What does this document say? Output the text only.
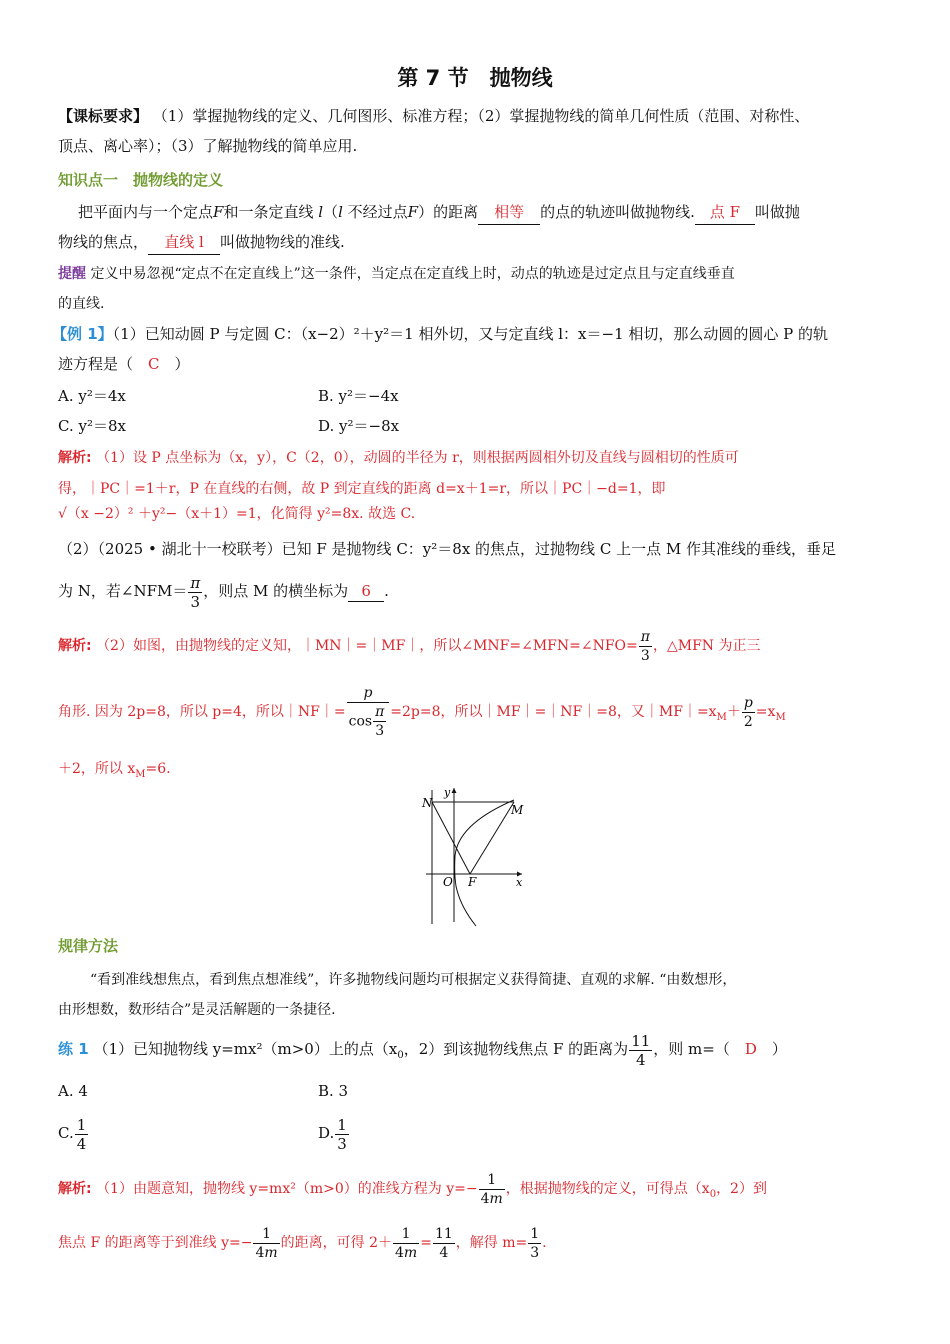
第 7 节　抛物线
【课标要求】 （1）掌握抛物线的定义、几何图形、标准方程；（2）掌握抛物线的简单几何性质（范围、对称性、
顶点、离心率）；（3）了解抛物线的简单应用.
知识点一　抛物线的定义
把平面内与一个定点F和一条定直线 l（l 不经过点F）的距离 相等 的点的轨迹叫做抛物线. 点 F 叫做抛
物线的焦点， 直线 l 叫做抛物线的准线.
提醒 定义中易忽视“定点不在定直线上”这一条件，当定点在定直线上时，动点的轨迹是过定点且与定直线垂直
的直线.
【例 1】（1）已知动圆 P 与定圆 C：（x−2）²＋y²＝1 相外切，又与定直线 l：x＝−1 相切，那么动圆的圆心 P 的轨
迹方程是（　C　）
A. y²＝4x	B. y²＝−4x
C. y²＝8x	D. y²＝−8x
解析: （1）设 P 点坐标为（x，y），C（2，0），动圆的半径为 r，则根据两圆相外切及直线与圆相切的性质可
得，｜PC｜=1＋r，P 在直线的右侧，故 P 到定直线的距离 d=x＋1=r，所以｜PC｜−d=1，即
√（x −2）² ＋y²−（x＋1）=1，化简得 y²=8x. 故选 C.
（2）（2025 • 湖北十一校联考）已知 F 是抛物线 C：y²＝8x 的焦点，过抛物线 C 上一点 M 作其准线的垂线，垂足
为 N，若∠NFM＝ $\frac{\pi}{3}$ ，则点 M 的横坐标为 6 .
解析: （2）如图，由抛物线的定义知，｜MN｜=｜MF｜，所以∠MNF=∠MFN=∠NFO= $\frac{\pi}{3}$ ，△MFN 为正三
角形. 因为 2p=8，所以 p=4，所以｜NF｜= $\frac{p}{\cos \frac{\pi}{3}} =2p=8$，所以｜MF｜=｜NF｜=8，又$|MF|=x_M+ \frac{p}{2} =x_M$
＋2，所以 $x_M=6$.
N	M
O F	x
y
规律方法
“看到准线想焦点，看到焦点想准线”，许多抛物线问题均可根据定义获得简捷、直观的求解. “由数想形，
由形想数，数形结合”是灵活解题的一条捷径.
练 1 （1）已知抛物线 y=mx²（m>0）上的点（$x_0$，2）到该抛物线焦点 F 的距离为 $\frac{11}{4}$ ，则 m=（　D　）
A. 4	B. 3
C. $\frac{1}{4}$	D. $\frac{1}{3}$
解析: （1）由题意知，抛物线 y=mx²（m>0）的准线方程为 $y=- \frac{1}{4m}$ ，根据抛物线的定义，可得点（$x_0$，2）到
焦点 F 的距离等于到准线 $y=- \frac{1}{4m}$ 的距离，可得 $2+ \frac{1}{4m} = \frac{11}{4}$ ，解得 $m= \frac{1}{3}$ .
